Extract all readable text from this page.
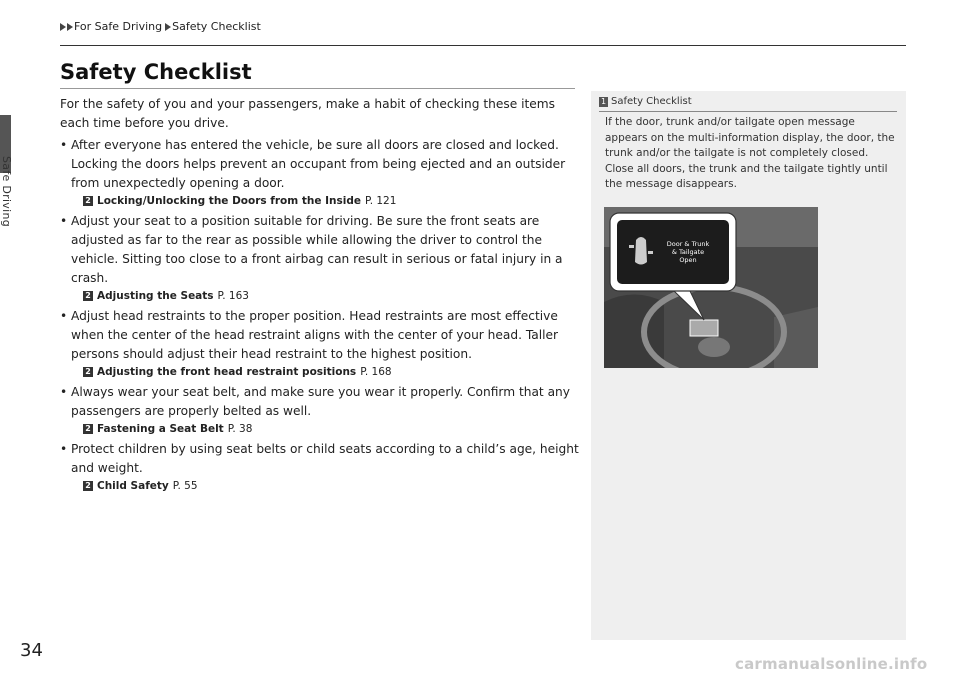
Safe Driving
For Safe Driving Safety Checklist
Safety Checklist

For the safety of you and your passengers, make a habit of checking these items each time before you drive.

• After everyone has entered the vehicle, be sure all doors are closed and locked. Locking the doors helps prevent an occupant from being ejected and an outsider from unexpectedly opening a door.
2 Locking/Unlocking the Doors from the Inside P. 121
• Adjust your seat to a position suitable for driving. Be sure the front seats are adjusted as far to the rear as possible while allowing the driver to control the vehicle. Sitting too close to a front airbag can result in serious or fatal injury in a crash.
2 Adjusting the Seats P. 163
• Adjust head restraints to the proper position. Head restraints are most effective when the center of the head restraint aligns with the center of your head. Taller persons should adjust their head restraint to the highest position.
2 Adjusting the front head restraint positions P. 168
• Always wear your seat belt, and make sure you wear it properly. Confirm that any passengers are properly belted as well.
2 Fastening a Seat Belt P. 38
• Protect children by using seat belts or child seats according to a child’s age, height and weight.
2 Child Safety P. 55
1 Safety Checklist
If the door, trunk and/or tailgate open message appears on the multi-information display, the door, the trunk and/or the tailgate is not completely closed. Close all doors, the trunk and the tailgate tightly until the message disappears.
Door & Trunk
& Tailgate
Open
34
carmanualsonline.info
